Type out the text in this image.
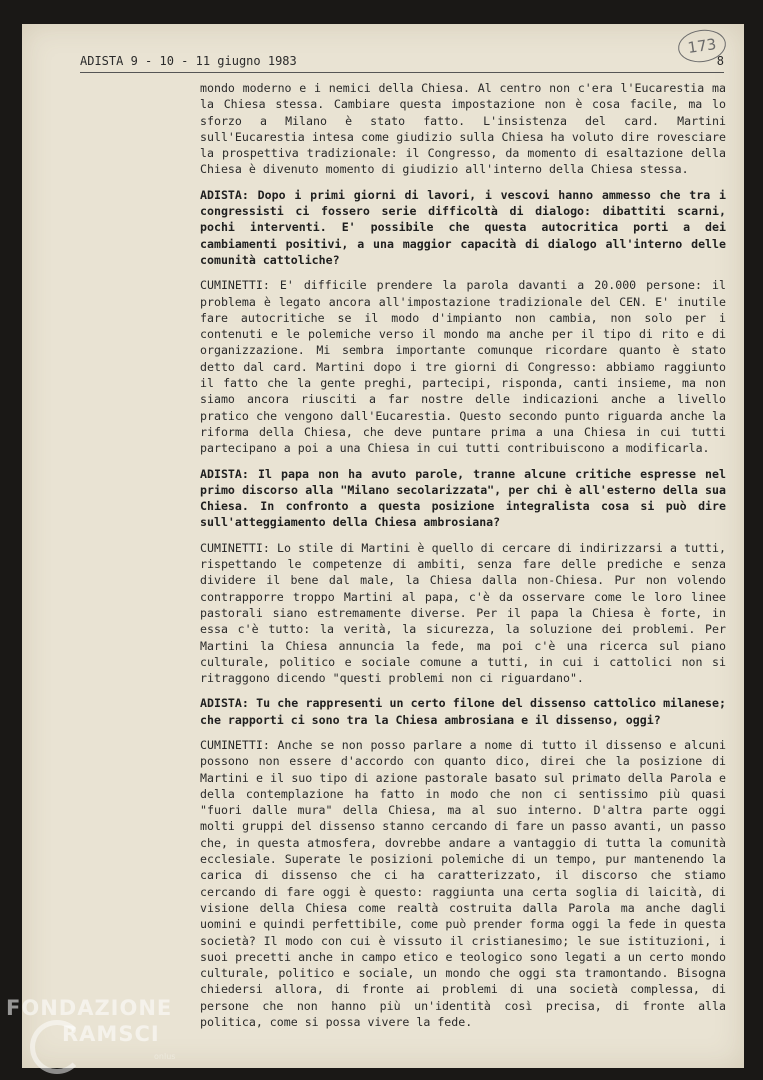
173
ADISTA 9 - 10 - 11 giugno 1983	8

mondo moderno e i nemici della Chiesa. Al centro non c'era l'Eucarestia ma la Chiesa stessa. Cambiare questa impostazione non è cosa facile, ma lo sforzo a Milano è stato fatto. L'insistenza del card. Martini sull'Eucarestia intesa come giudizio sulla Chiesa ha voluto dire rovesciare la prospettiva tradizionale: il Congresso, da momento di esaltazione della Chiesa è divenuto momento di giudizio all'interno della Chiesa stessa.

ADISTA: Dopo i primi giorni di lavori, i vescovi hanno ammesso che tra i congressisti ci fossero serie difficoltà di dialogo: dibattiti scarni, pochi interventi. E' possibile che questa autocritica porti a dei cambiamenti positivi, a una maggior capacità di dialogo all'interno delle comunità cattoliche?

CUMINETTI: E' difficile prendere la parola davanti a 20.000 persone: il problema è legato ancora all'impostazione tradizionale del CEN. E' inutile fare autocritiche se il modo d'impianto non cambia, non solo per i contenuti e le polemiche verso il mondo ma anche per il tipo di rito e di organizzazione. Mi sembra importante comunque ricordare quanto è stato detto dal card. Martini dopo i tre giorni di Congresso: abbiamo raggiunto il fatto che la gente preghi, partecipi, risponda, canti insieme, ma non siamo ancora riusciti a far nostre delle indicazioni anche a livello pratico che vengono dall'Eucarestia. Questo secondo punto riguarda anche la riforma della Chiesa, che deve puntare prima a una Chiesa in cui tutti partecipano a poi a una Chiesa in cui tutti contribuiscono a modificarla.

ADISTA: Il papa non ha avuto parole, tranne alcune critiche espresse nel primo discorso alla "Milano secolarizzata", per chi è all'esterno della sua Chiesa. In confronto a questa posizione integralista cosa si può dire sull'atteggiamento della Chiesa ambrosiana?

CUMINETTI: Lo stile di Martini è quello di cercare di indirizzarsi a tutti, rispettando le competenze di ambiti, senza fare delle prediche e senza dividere il bene dal male, la Chiesa dalla non-Chiesa. Pur non volendo contrapporre troppo Martini al papa, c'è da osservare come le loro linee pastorali siano estremamente diverse. Per il papa la Chiesa è forte, in essa c'è tutto: la verità, la sicurezza, la soluzione dei problemi. Per Martini la Chiesa annuncia la fede, ma poi c'è una ricerca sul piano culturale, politico e sociale comune a tutti, in cui i cattolici non si ritraggono dicendo "questi problemi non ci riguardano".

ADISTA: Tu che rappresenti un certo filone del dissenso cattolico milanese; che rapporti ci sono tra la Chiesa ambrosiana e il dissenso, oggi?

CUMINETTI: Anche se non posso parlare a nome di tutto il dissenso e alcuni possono non essere d'accordo con quanto dico, direi che la posizione di Martini e il suo tipo di azione pastorale basato sul primato della Parola e della contemplazione ha fatto in modo che non ci sentissimo più quasi "fuori dalle mura" della Chiesa, ma al suo interno. D'altra parte oggi molti gruppi del dissenso stanno cercando di fare un passo avanti, un passo che, in questa atmosfera, dovrebbe andare a vantaggio di tutta la comunità ecclesiale. Superate le posizioni polemiche di un tempo, pur mantenendo la carica di dissenso che ci ha caratterizzato, il discorso che stiamo cercando di fare oggi è questo: raggiunta una certa soglia di laicità, di visione della Chiesa come realtà costruita dalla Parola ma anche dagli uomini e quindi perfettibile, come può prender forma oggi la fede in questa società? Il modo con cui è vissuto il cristianesimo; le sue istituzioni, i suoi precetti anche in campo etico e teologico sono legati a un certo mondo culturale, politico e sociale, un mondo che oggi sta tramontando. Bisogna chiedersi allora, di fronte ai problemi di una società complessa, di persone che non hanno più un'identità così precisa, di fronte alla politica, come si possa vivere la fede.

FONDAZIONE
RAMSCI
onlus
